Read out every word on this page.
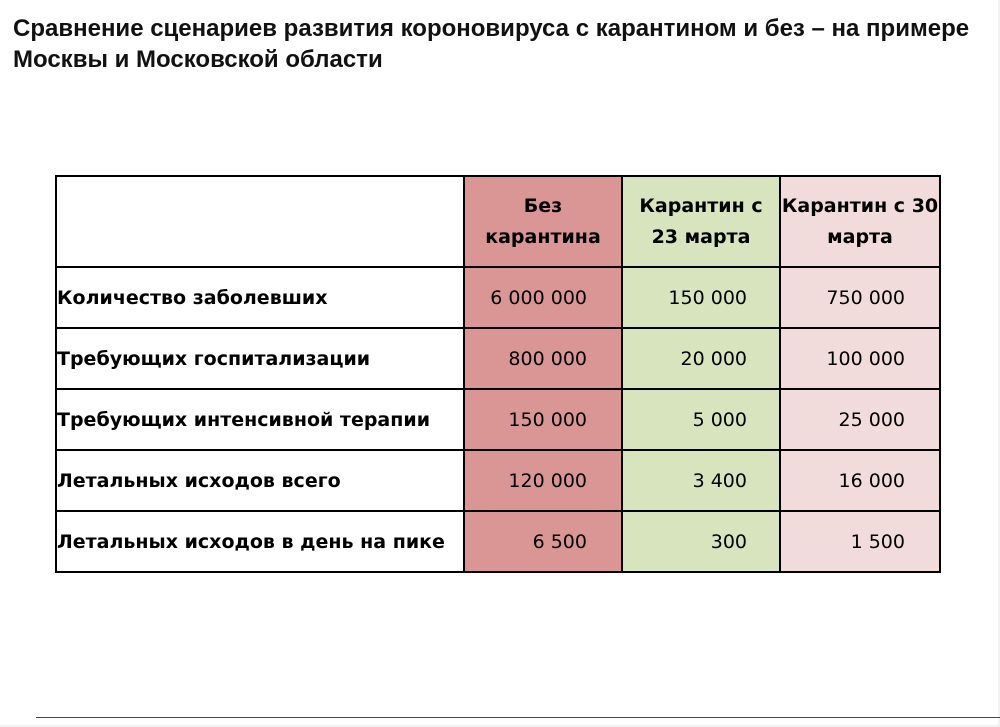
Сравнение сценариев развития короновируса с карантином и без – на примере Москвы и Московской области
	Без карантина	Карантин с 23 марта	Карантин с 30 марта
Количество заболевших	6 000 000	150 000	750 000
Требующих госпитализации	800 000	20 000	100 000
Требующих интенсивной терапии	150 000	5 000	25 000
Летальных исходов всего	120 000	3 400	16 000
Летальных исходов в день на пике	6 500	300	1 500
